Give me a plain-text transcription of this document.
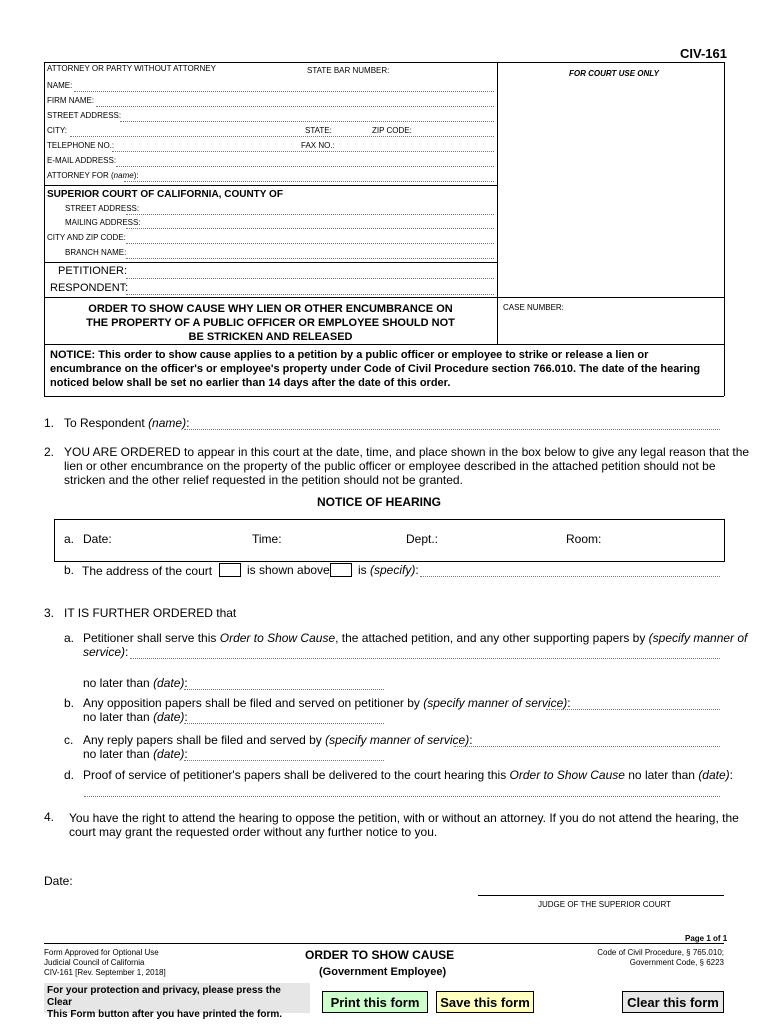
CIV-161
ATTORNEY OR PARTY WITHOUT ATTORNEY	STATE BAR NUMBER:	FOR COURT USE ONLY
NAME:
FIRM NAME:
STREET ADDRESS:
CITY:	STATE:	ZIP CODE:
TELEPHONE NO.:	FAX NO.:
E-MAIL ADDRESS:
ATTORNEY FOR (name):
SUPERIOR COURT OF CALIFORNIA, COUNTY OF
STREET ADDRESS:
MAILING ADDRESS:
CITY AND ZIP CODE:
BRANCH NAME:
PETITIONER:
RESPONDENT:
ORDER TO SHOW CAUSE WHY LIEN OR OTHER ENCUMBRANCE ON
THE PROPERTY OF A PUBLIC OFFICER OR EMPLOYEE SHOULD NOT
BE STRICKEN AND RELEASED
CASE NUMBER:
NOTICE: This order to show cause applies to a petition by a public officer or employee to strike or release a lien or
encumbrance on the officer's or employee's property under Code of Civil Procedure section 766.010. The date of the hearing
noticed below shall be set no earlier than 14 days after the date of this order.
1. To Respondent (name):
2. YOU ARE ORDERED to appear in this court at the date, time, and place shown in the box below to give any legal reason that the
lien or other encumbrance on the property of the public officer or employee described in the attached petition should not be
stricken and the other relief requested in the petition should not be granted.
NOTICE OF HEARING
a. Date:	Time:	Dept.:	Room:
b. The address of the court	is shown above is (specify):
3. IT IS FURTHER ORDERED that
a. Petitioner shall serve this Order to Show Cause, the attached petition, and any other supporting papers by (specify manner of
service):
no later than (date):
b. Any opposition papers shall be filed and served on petitioner by (specify manner of service):
no later than (date):
c. Any reply papers shall be filed and served by (specify manner of service):
no later than (date):
d. Proof of service of petitioner's papers shall be delivered to the court hearing this Order to Show Cause no later than (date):
4. You have the right to attend the hearing to oppose the petition, with or without an attorney. If you do not attend the hearing, the
court may grant the requested order without any further notice to you.
Date:
JUDGE OF THE SUPERIOR COURT
Page 1 of 1
Form Approved for Optional Use
Judicial Council of California
CIV-161 [Rev. September 1, 2018]
ORDER TO SHOW CAUSE
(Government Employee)
Code of Civil Procedure, § 765.010;
Government Code, § 6223
For your protection and privacy, please press the Clear
This Form button after you have printed the form.
Print this form	Save this form	Clear this form
